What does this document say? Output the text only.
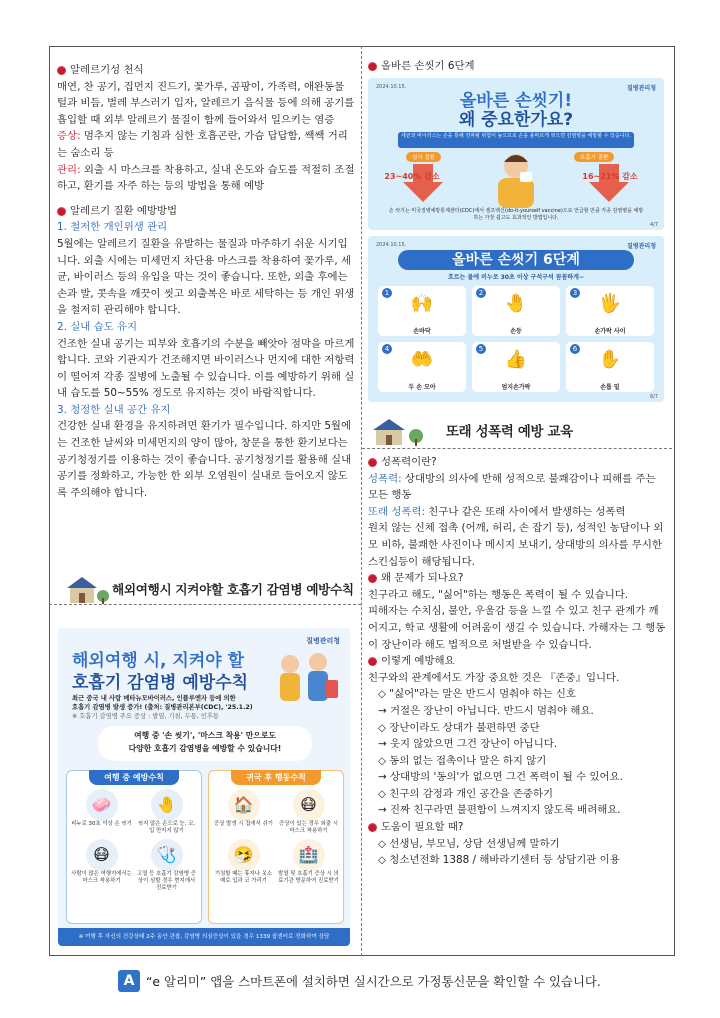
알레르기성 천식

매연, 찬 공기, 집먼지 진드기, 꽃가루, 곰팡이, 가족력, 애완동물 털과 비듬, 벌레 부스러기 입자, 알레르기 음식물 등에 의해 공기를 흡입할 때 외부 알레르기 물질이 함께 들어와서 일으키는 염증

증상: 멈추지 않는 기침과 심한 호흡곤란, 가슴 답답함, 쌕쌕 거리는 숨소리 등

관리: 외출 시 마스크를 착용하고, 실내 온도와 습도를 적절히 조절하고, 환기를 자주 하는 등의 방법을 통해 예방

알레르기 질환 예방방법

1. 철저한 개인위생 관리

5월에는 알레르기 질환을 유발하는 물질과 마주하기 쉬운 시기입니다. 외출 시에는 미세먼지 차단용 마스크를 착용하여 꽃가루, 세균, 바이러스 등의 유입을 막는 것이 좋습니다. 또한, 외출 후에는 손과 발, 콧속을 깨끗이 씻고 외출복은 바로 세탁하는 등 개인 위생을 철저히 관리해야 합니다.

2. 실내 습도 유지

건조한 실내 공기는 피부와 호흡기의 수분을 빼앗아 점막을 마르게 합니다. 코와 기관지가 건조해지면 바이러스나 먼지에 대한 저항력이 떨어져 각종 질병에 노출될 수 있습니다. 이를 예방하기 위해 실내 습도를 50~55% 정도로 유지하는 것이 바람직합니다.

3. 청정한 실내 공간 유지

건강한 실내 환경을 유지하려면 환기가 필수입니다. 하지만 5월에는 건조한 날씨와 미세먼지의 양이 많아, 창문을 통한 환기보다는 공기청정기를 이용하는 것이 좋습니다. 공기청정기를 활용해 실내 공기를 정화하고, 가능한 한 외부 오염원이 실내로 들어오지 않도록 주의해야 합니다.

해외여행시 지켜야할 호흡기 감염병 예방수칙
질병관리청
해외여행 시, 지켜야 할
호흡기 감염병 예방수칙
최근 중국 내 사람 메타뉴모바이러스, 인플루엔자 등에 의한
호흡기 감염병 발생 증가! (출처: 질병관리본부(CDC), '25.1.2)
※ 호흡기 감염병 주요 증상 : 발열, 기침, 두통, 인후통
여행 중 '손 씻기', '마스크 착용' 만으로도
다양한 호흡기 감염병을 예방할 수 있습니다!
여행 중 예방수칙
🧼
비누로 30초 이상 손 씻기
🤚
씻지 않은 손으로 눈, 코, 입 만지지 않기
😷
사람이 많은 여행지에서는 마스크 착용하기
🩺
고열 등 호흡기 감염병 증상이 심할 경우 현지에서 진료받기
귀국 후 행동수칙
🏠
증상 발생 시 집에서 쉬기
😷
증상이 있는 경우 외출 시 마스크 착용하기
🤧
기침할 때는 휴지나 옷소매로 입과 코 가리기
🏥
발열 및 호흡기 증상 시 의료기관 방문하여 진료받기
※ 여행 후 자신의 건강상태 2주 동안 관찰, 감염병 의심증상이 있을 경우 1339 콜센터로 전화하여 상담

올바른 손씻기 6단계

2024.10.15.	질병관리청
올바른 손씻기!
왜 중요한가요?
세균과 바이러스는 손을 통해 전파될 위험이 높으므로 손을 올바르게 씻으면 감염병을 예방할 수 있습니다.
설사 질환	호흡기 질환
23~40% 감소	16~21% 감소
손 씻기는 미국질병예방통제센터(CDC)에서 셀프백신(do-it-yourself vaccine)으로 언급할 만큼 각종 감염병을 예방하는 가장 쉽고도 효과적인 방법입니다.
4/7
2024.10.15.	질병관리청
올바른 손씻기 6단계
흐르는 물에 비누로 30초 이상 구석구석 꼼꼼하게~
1	🙌
손바닥
2	🤚
손등
3	🖐
손가락 사이
4	🤲
두 손 모아
5	👍
엄지손가락
6	✋
손톱 밑
6/7
또래 성폭력 예방 교육

성폭력이란?

성폭력: 상대방의 의사에 반해 성적으로 불쾌감이나 피해를 주는 모든 행동

또래 성폭력: 친구나 같은 또래 사이에서 발생하는 성폭력

원치 않는 신체 접촉 (어깨, 허리, 손 잡기 등), 성적인 농담이나 외모 비하, 불쾌한 사진이나 메시지 보내기, 상대방의 의사를 무시한 스킨십등이 해당됩니다.

왜 문제가 되나요?

친구라고 해도, "싫어"하는 행동은 폭력이 될 수 있습니다.

피해자는 수치심, 불안, 우울감 등을 느낄 수 있고 친구 관계가 깨어지고, 학교 생활에 어려움이 생길 수 있습니다. 가해자는 그 행동이 장난이라 해도 법적으로 처벌받을 수 있습니다.

이렇게 예방해요

친구와의 관계에서도 가장 중요한 것은 『존중』입니다.

◇ "싫어"라는 말은 반드시 멈춰야 하는 신호

→ 거절은 장난이 아닙니다. 반드시 멈춰야 해요.

◇ 장난이라도 상대가 불편하면 중단

→ 웃지 않았으면 그건 장난이 아닙니다.

◇ 동의 없는 접촉이나 말은 하지 않기

→ 상대방의 '동의'가 없으면 그건 폭력이 될 수 있어요.

◇ 친구의 감정과 개인 공간을 존중하기

→ 진짜 친구라면 불편함이 느껴지지 않도록 배려해요.

도움이 필요할 때?

◇ 선생님, 부모님, 상담 선생님께 말하기

◇ 청소년전화 1388 / 해바라기센터 등 상담기관 이용

A “e 알리미” 앱을 스마트폰에 설치하면 실시간으로 가정통신문을 확인할 수 있습니다.
